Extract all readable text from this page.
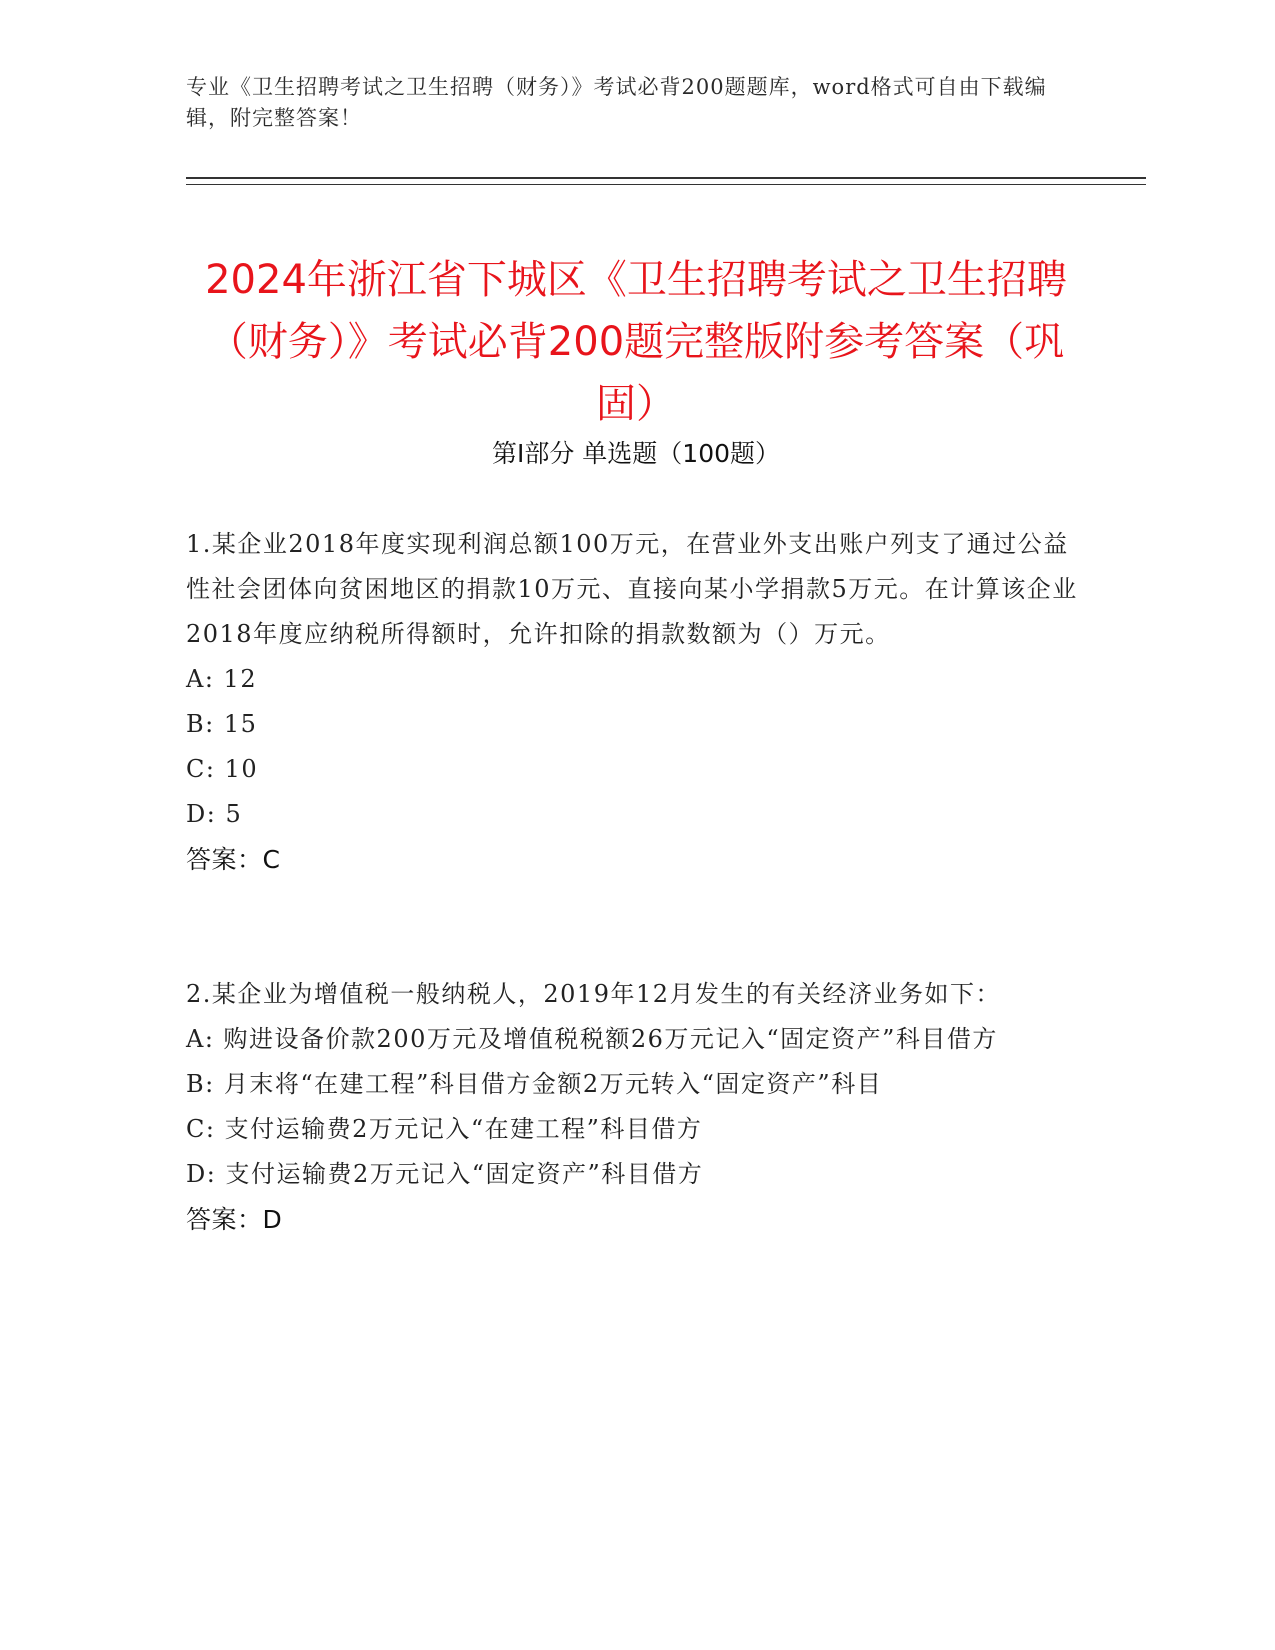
专业《卫生招聘考试之卫生招聘（财务）》考试必背200题题库，word格式可自由下载编辑，附完整答案！
2024年浙江省下城区《卫生招聘考试之卫生招聘（财务）》考试必背200题完整版附参考答案（巩固）
第Ⅰ部分 单选题（100题）

1.某企业2018年度实现利润总额100万元，在营业外支出账户列支了通过公益性社会团体向贫困地区的捐款10万元、直接向某小学捐款5万元。在计算该企业2018年度应纳税所得额时，允许扣除的捐款数额为（）万元。

A: 12

B: 15

C: 10

D: 5

答案：C

2.某企业为增值税一般纳税人，2019年12月发生的有关经济业务如下：

A: 购进设备价款200万元及增值税税额26万元记入“固定资产”科目借方

B: 月末将“在建工程”科目借方金额2万元转入“固定资产”科目

C: 支付运输费2万元记入“在建工程”科目借方

D: 支付运输费2万元记入“固定资产”科目借方

答案：D
